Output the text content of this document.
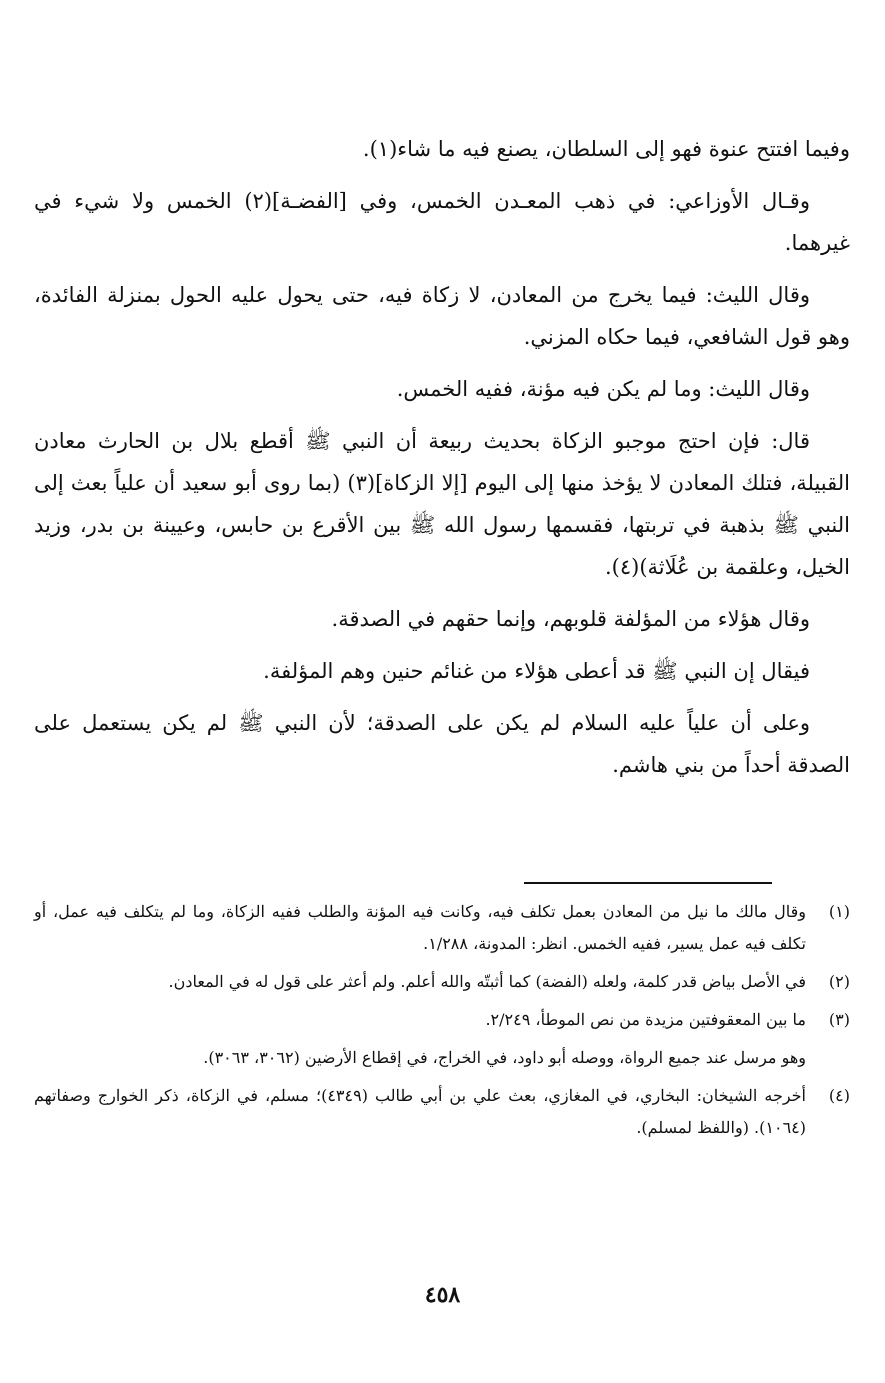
وفيما افتتح عنوة فهو إلى السلطان، يصنع فيه ما شاء(١).

وقـال الأوزاعي: في ذهب المعـدن الخمس، وفي [الفضـة](٢) الخمس ولا شيء في غيرهما.

وقال الليث: فيما يخرج من المعادن، لا زكاة فيه، حتى يحول عليه الحول بمنزلة الفائدة، وهو قول الشافعي، فيما حكاه المزني.

وقال الليث: وما لم يكن فيه مؤنة، ففيه الخمس.

قال: فإن احتج موجبو الزكاة بحديث ربيعة أن النبي ﷺ أقطع بلال بن الحارث معادن القبيلة، فتلك المعادن لا يؤخذ منها إلى اليوم [إلا الزكاة](٣) (بما روى أبو سعيد أن علياً بعث إلى النبي ﷺ بذهبة في تربتها، فقسمها رسول الله ﷺ بين الأقرع بن حابس، وعيينة بن بدر، وزيد الخيل، وعلقمة بن عُلَاثة)(٤).

وقال هؤلاء من المؤلفة قلوبهم، وإنما حقهم في الصدقة.

فيقال إن النبي ﷺ قد أعطى هؤلاء من غنائم حنين وهم المؤلفة.

وعلى أن علياً عليه السلام لم يكن على الصدقة؛ لأن النبي ﷺ لم يكن يستعمل على الصدقة أحداً من بني هاشم.

(١)
وقال مالك ما نيل من المعادن بعمل تكلف فيه، وكانت فيه المؤنة والطلب ففيه الزكاة، وما لم يتكلف فيه عمل، أو تكلف فيه عمل يسير، ففيه الخمس. انظر: المدونة، ١/٢٨٨.
(٢)
في الأصل بياض قدر كلمة، ولعله (الفضة) كما أثبتّه والله أعلم. ولم أعثر على قول له في المعادن.
(٣)
ما بين المعقوفتين مزيدة من نص الموطأ، ٢/٢٤٩.
وهو مرسل عند جميع الرواة، ووصله أبو داود، في الخراج، في إقطاع الأرضين (٣٠٦٢، ٣٠٦٣).
(٤)
أخرجه الشيخان: البخاري، في المغازي، بعث علي بن أبي طالب (٤٣٤٩)؛ مسلم، في الزكاة، ذكر الخوارج وصفاتهم (١٠٦٤). (واللفظ لمسلم).
٤٥٨
